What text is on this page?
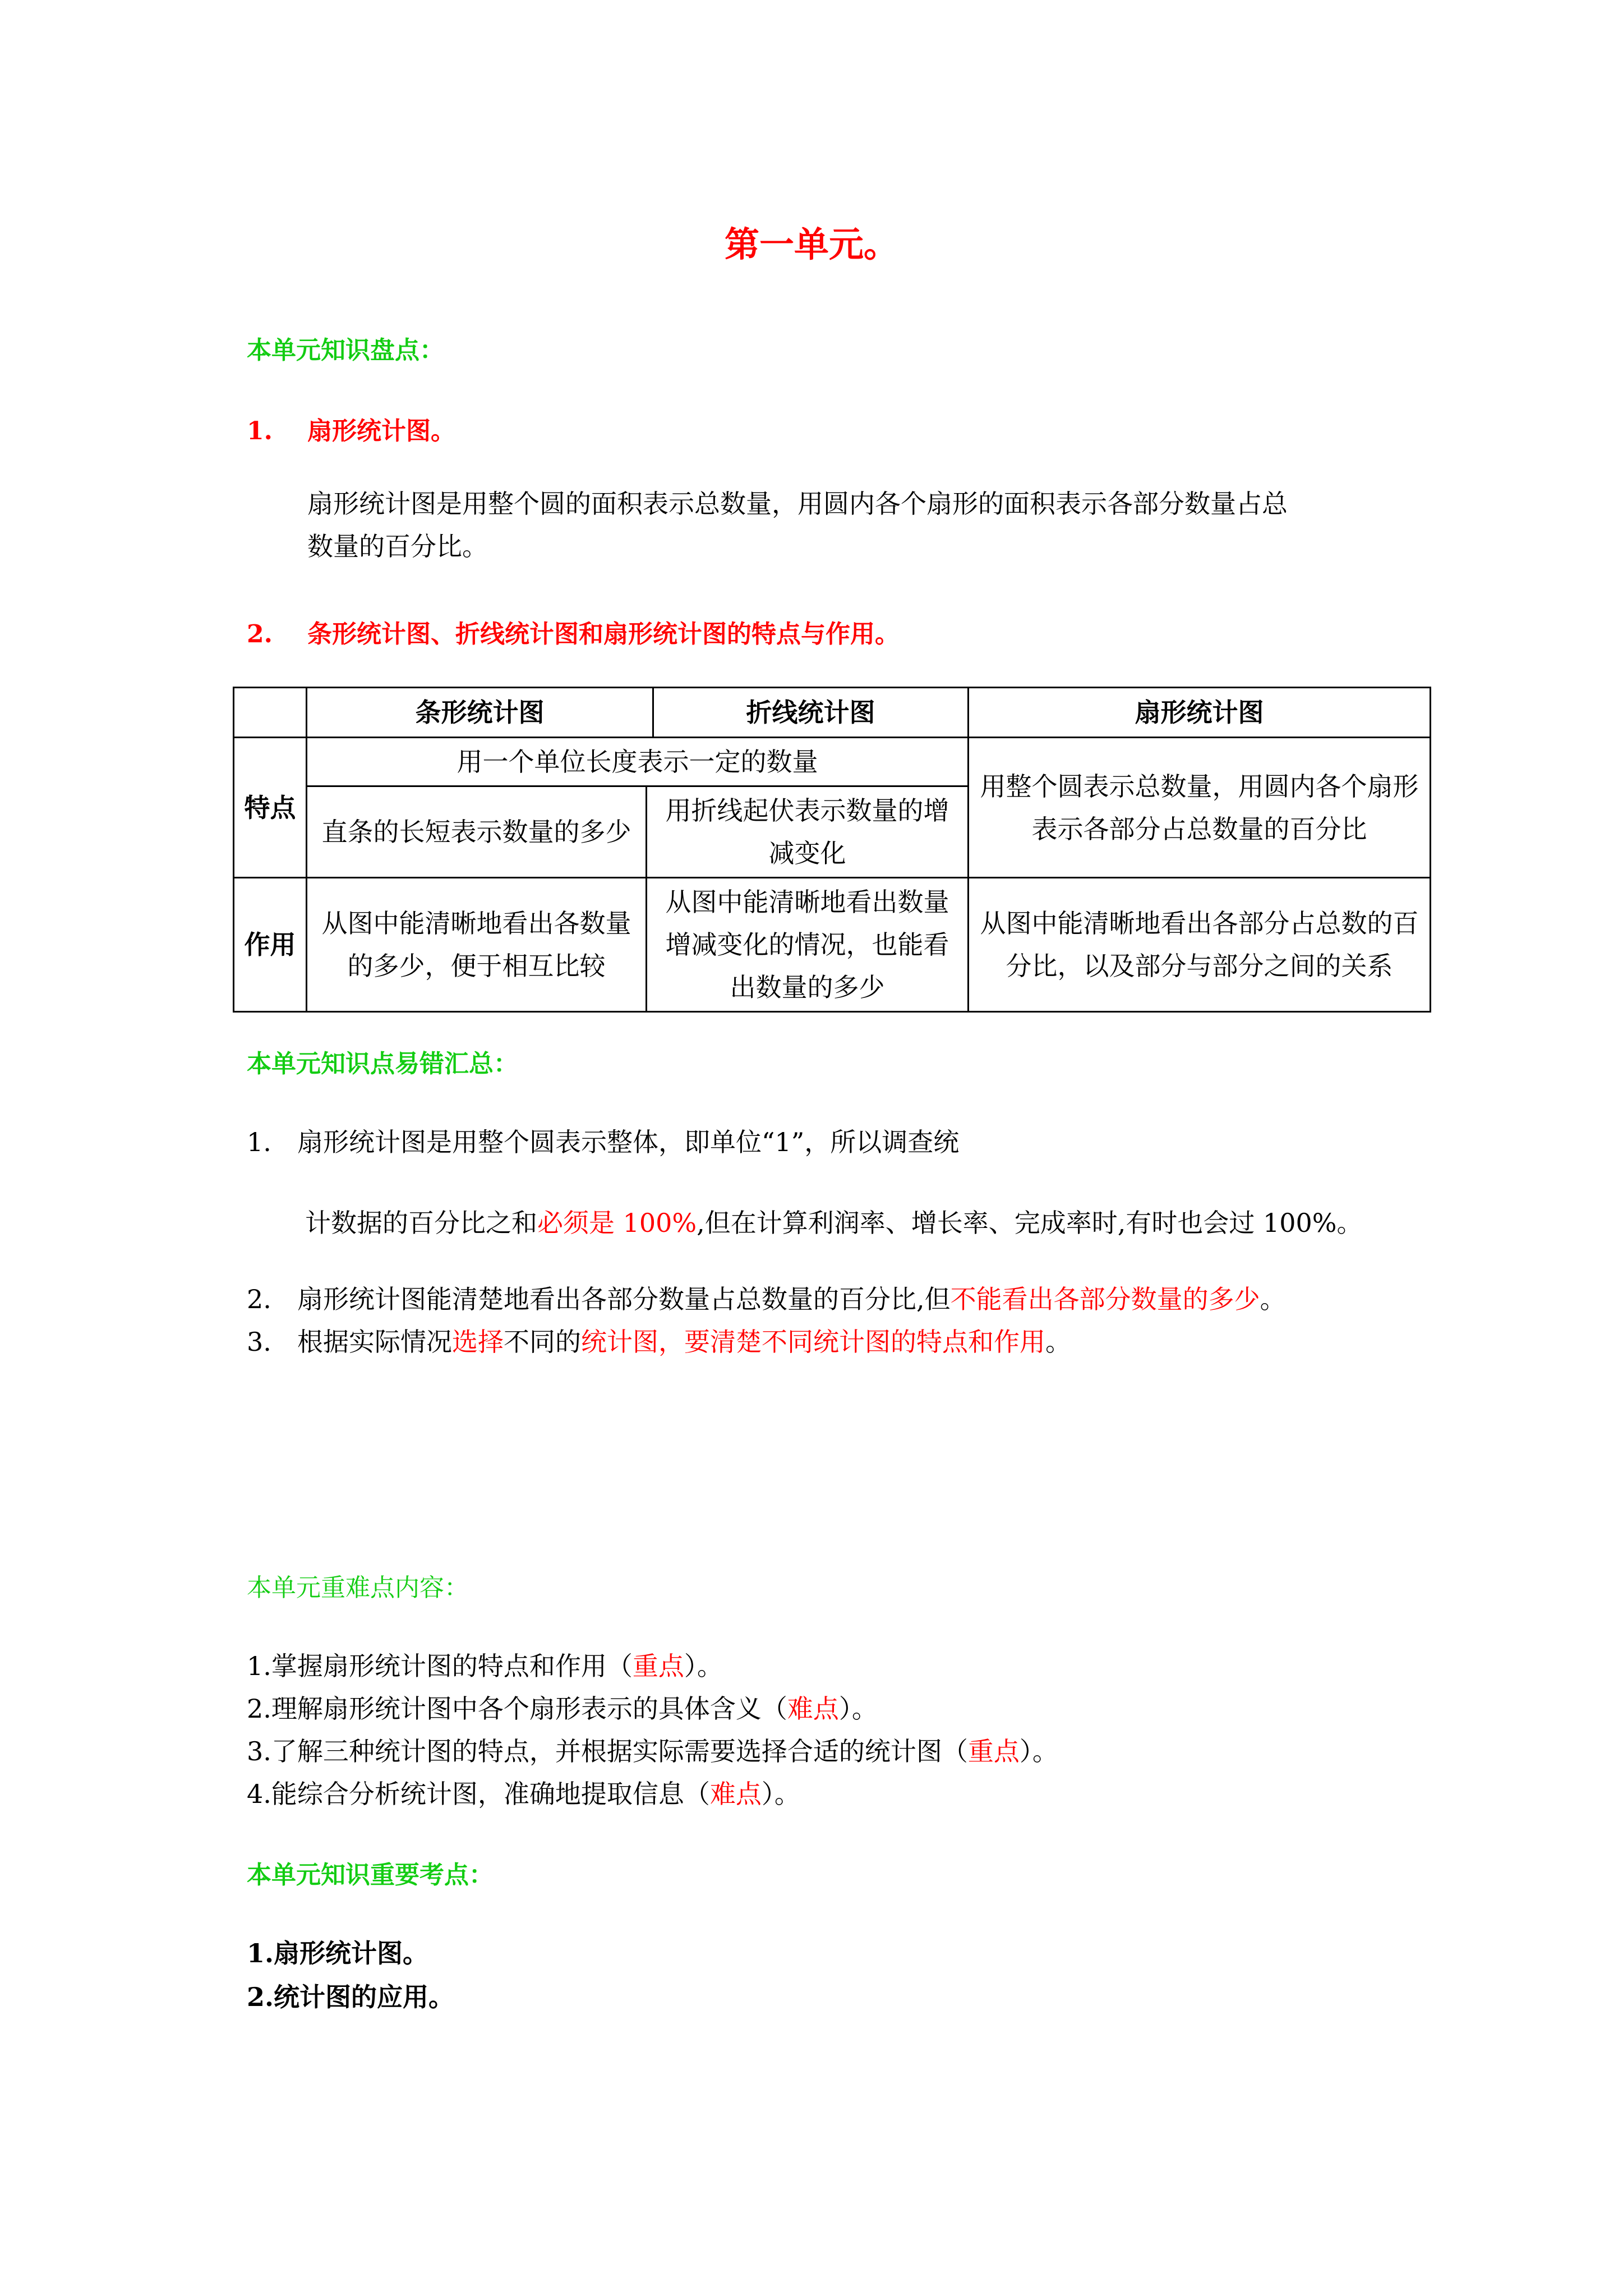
第一单元。
本单元知识盘点：
1. 扇形统计图。
扇形统计图是用整个圆的面积表示总数量，用圆内各个扇形的面积表示各部分数量占总
数量的百分比。
2. 条形统计图、折线统计图和扇形统计图的特点与作用。
	条形统计图		折线统计图	扇形统计图
特点	用一个单位长度表示一定的数量			用整个圆表示总数量，用圆内各个扇形表示各部分占总数量的百分比
	直条的长短表示数量的多少	用折线起伏表示数量的增减变化		
作用	从图中能清晰地看出各数量的多少，便于相互比较	从图中能清晰地看出数量增减变化的情况，也能看出数量的多少		从图中能清晰地看出各部分占总数的百分比，以及部分与部分之间的关系
本单元知识点易错汇总：
1. 扇形统计图是用整个圆表示整体，即单位“1”，所以调查统
计数据的百分比之和必须是 100%,但在计算利润率、增长率、完成率时,有时也会过 100%。
2. 扇形统计图能清楚地看出各部分数量占总数量的百分比,但不能看出各部分数量的多少。
3. 根据实际情况选择不同的统计图，要清楚不同统计图的特点和作用。
本单元重难点内容：
1.掌握扇形统计图的特点和作用（重点）。
2.理解扇形统计图中各个扇形表示的具体含义（难点）。
3.了解三种统计图的特点，并根据实际需要选择合适的统计图（重点）。
4.能综合分析统计图，准确地提取信息（难点）。
本单元知识重要考点：
1.扇形统计图。
2.统计图的应用。
